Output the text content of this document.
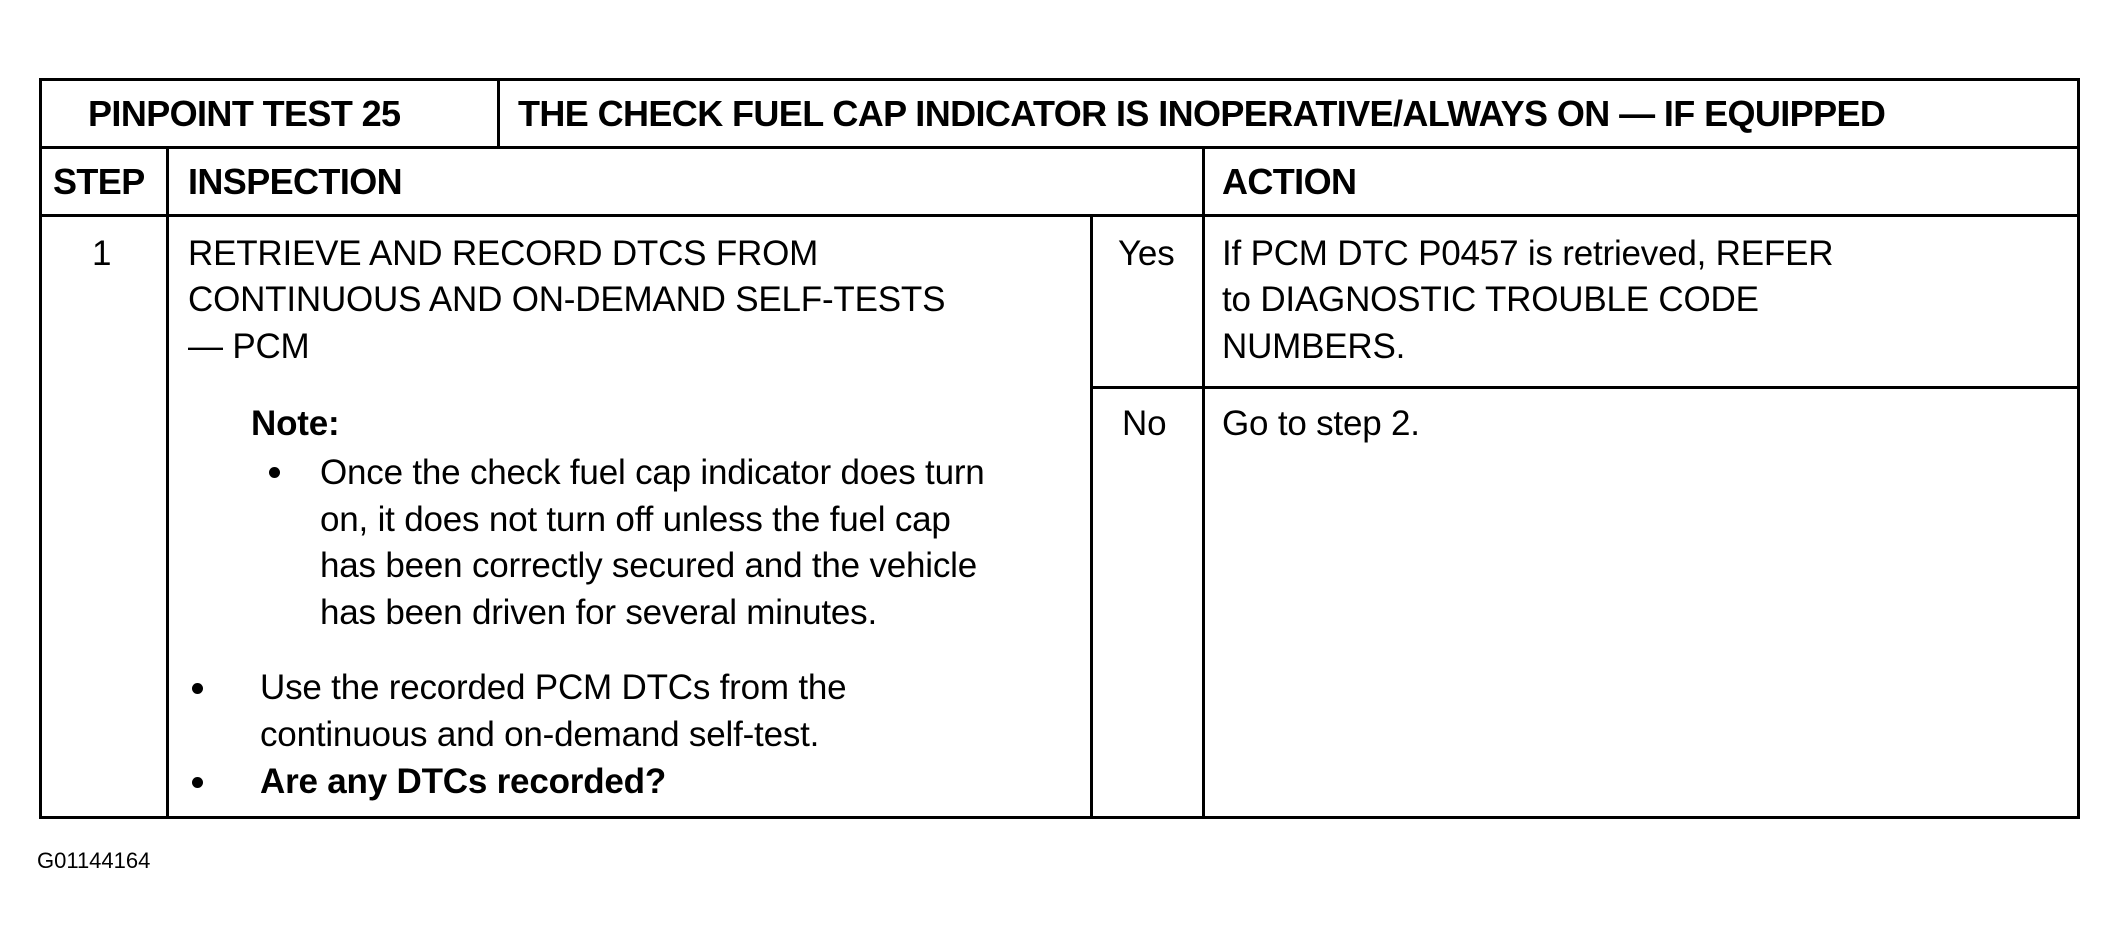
PINPOINT TEST 25	THE CHECK FUEL CAP INDICATOR IS INOPERATIVE/ALWAYS ON — IF EQUIPPED
STEP INSPECTION	ACTION
1 RETRIEVE AND RECORD DTCS FROM
CONTINUOUS AND ON-DEMAND SELF-TESTS
— PCM
Note:
Once the check fuel cap indicator does turn
on, it does not turn off unless the fuel cap
has been correctly secured and the vehicle
has been driven for several minutes.
Use the recorded PCM DTCs from the
continuous and on-demand self-test.
Are any DTCs recorded?
Yes
No
If PCM DTC P0457 is retrieved, REFER
to DIAGNOSTIC TROUBLE CODE
NUMBERS.
Go to step 2.
G01144164
